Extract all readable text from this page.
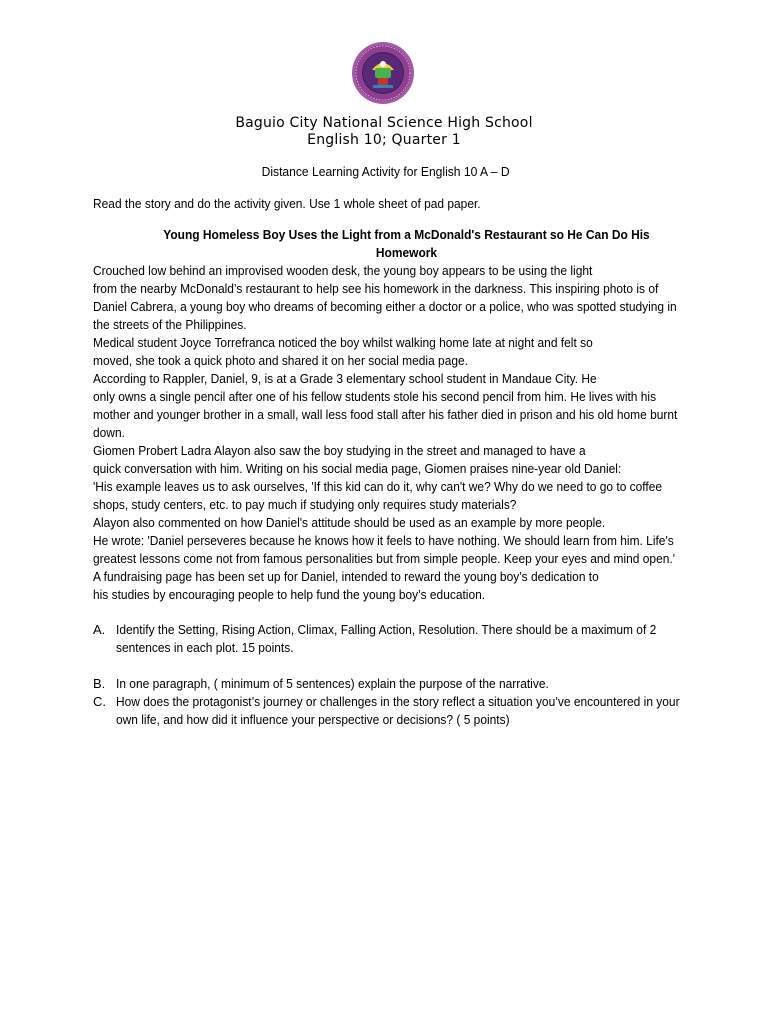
Baguio City National Science High School
English 10; Quarter 1
Distance Learning Activity for English 10 A – D
Read the story and do the activity given. Use 1 whole sheet of pad paper.
Young Homeless Boy Uses the Light from a McDonald's Restaurant so He Can Do His
Homework
Crouched low behind an improvised wooden desk, the young boy appears to be using the light
from the nearby McDonald’s restaurant to help see his homework in the darkness. This inspiring photo is of
Daniel Cabrera, a young boy who dreams of becoming either a doctor or a police, who was spotted studying in
the streets of the Philippines.
Medical student Joyce Torrefranca noticed the boy whilst walking home late at night and felt so
moved, she took a quick photo and shared it on her social media page.
According to Rappler, Daniel, 9, is at a Grade 3 elementary school student in Mandaue City. He
only owns a single pencil after one of his fellow students stole his second pencil from him. He lives with his
mother and younger brother in a small, wall less food stall after his father died in prison and his old home burnt
down.
Giomen Probert Ladra Alayon also saw the boy studying in the street and managed to have a
quick conversation with him. Writing on his social media page, Giomen praises nine-year old Daniel:
'His example leaves us to ask ourselves, 'If this kid can do it, why can't we? Why do we need to go to coffee
shops, study centers, etc. to pay much if studying only requires study materials?
Alayon also commented on how Daniel's attitude should be used as an example by more people.
He wrote: 'Daniel perseveres because he knows how it feels to have nothing. We should learn from him. Life's
greatest lessons come not from famous personalities but from simple people. Keep your eyes and mind open.'
A fundraising page has been set up for Daniel, intended to reward the young boy’s dedication to
his studies by encouraging people to help fund the young boy’s education.
A. Identify the Setting, Rising Action, Climax, Falling Action, Resolution. There should be a maximum of 2
sentences in each plot. 15 points.
B. In one paragraph, ( minimum of 5 sentences) explain the purpose of the narrative.
C. How does the protagonist’s journey or challenges in the story reflect a situation you’ve encountered in your
own life, and how did it influence your perspective or decisions? ( 5 points)
